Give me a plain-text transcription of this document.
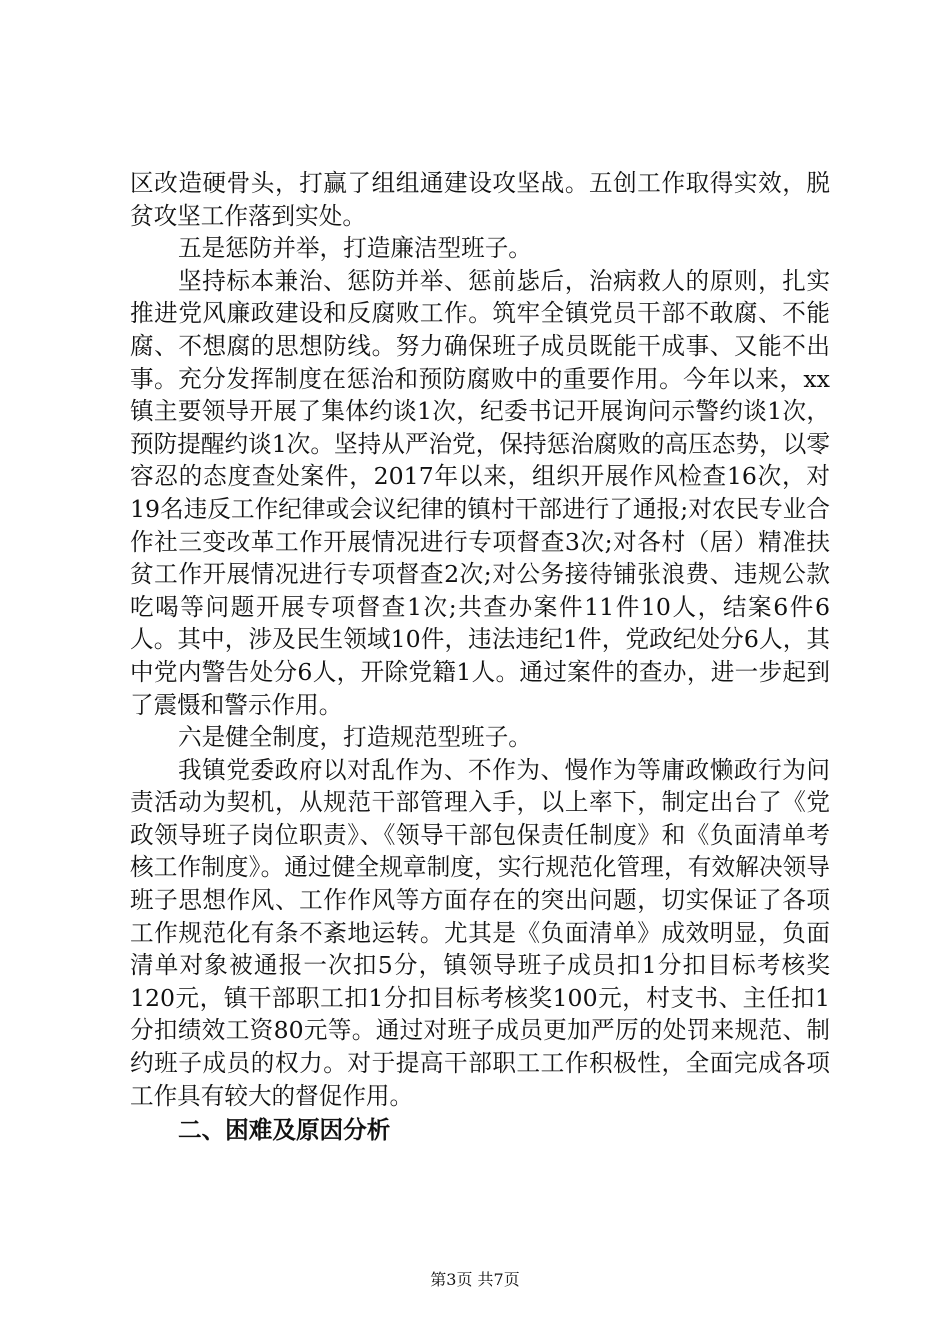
区改造硬骨头，打赢了组组通建设攻坚战。五创工作取得实效，脱贫攻坚工作落到实处。

五是惩防并举，打造廉洁型班子。

坚持标本兼治、惩防并举、惩前毖后，治病救人的原则，扎实推进党风廉政建设和反腐败工作。筑牢全镇党员干部不敢腐、不能腐、不想腐的思想防线。努力确保班子成员既能干成事、又能不出事。充分发挥制度在惩治和预防腐败中的重要作用。今年以来，xx镇主要领导开展了集体约谈1次，纪委书记开展询问示警约谈1次，预防提醒约谈1次。坚持从严治党，保持惩治腐败的高压态势，以零容忍的态度查处案件，2017年以来，组织开展作风检查16次，对19名违反工作纪律或会议纪律的镇村干部进行了通报;对农民专业合作社三变改革工作开展情况进行专项督查3次;对各村（居）精准扶贫工作开展情况进行专项督查2次;对公务接待铺张浪费、违规公款吃喝等问题开展专项督查1次;共查办案件11件10人，结案6件6人。其中，涉及民生领域10件，违法违纪1件，党政纪处分6人，其中党内警告处分6人，开除党籍1人。通过案件的查办，进一步起到了震慑和警示作用。

六是健全制度，打造规范型班子。

我镇党委政府以对乱作为、不作为、慢作为等庸政懒政行为问责活动为契机，从规范干部管理入手，以上率下，制定出台了《党政领导班子岗位职责》、《领导干部包保责任制度》和《负面清单考核工作制度》。通过健全规章制度，实行规范化管理，有效解决领导班子思想作风、工作作风等方面存在的突出问题，切实保证了各项工作规范化有条不紊地运转。尤其是《负面清单》成效明显，负面清单对象被通报一次扣5分，镇领导班子成员扣1分扣目标考核奖120元，镇干部职工扣1分扣目标考核奖100元，村支书、主任扣1分扣绩效工资80元等。通过对班子成员更加严厉的处罚来规范、制约班子成员的权力。对于提高干部职工工作积极性，全面完成各项工作具有较大的督促作用。

二、困难及原因分析

第3页 共7页
